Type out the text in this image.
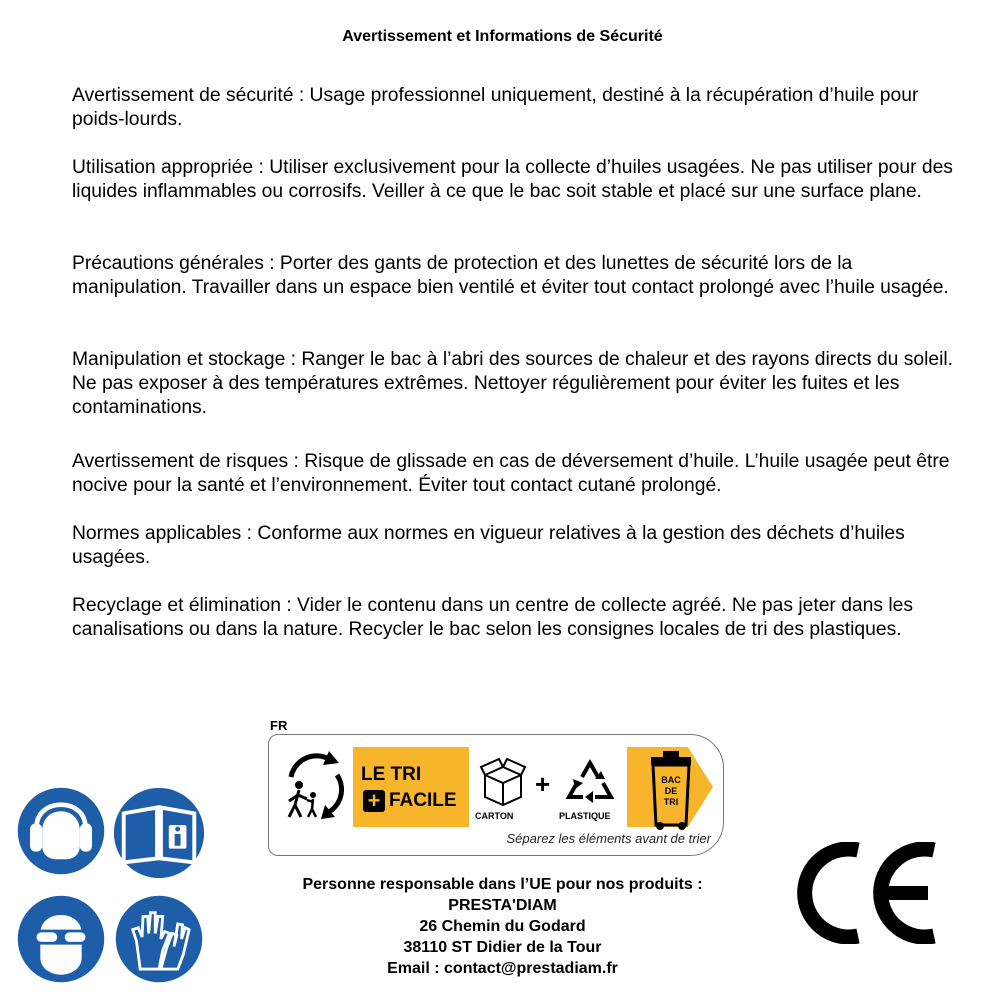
Avertissement et Informations de Sécurité

Avertissement de sécurité : Usage professionnel uniquement, destiné à la récupération d’huile pour poids-lourds.

Utilisation appropriée : Utiliser exclusivement pour la collecte d’huiles usagées. Ne pas utiliser pour des liquides inflammables ou corrosifs. Veiller à ce que le bac soit stable et placé sur une surface plane.

Précautions générales : Porter des gants de protection et des lunettes de sécurité lors de la manipulation. Travailler dans un espace bien ventilé et éviter tout contact prolongé avec l’huile usagée.

Manipulation et stockage : Ranger le bac à l’abri des sources de chaleur et des rayons directs du soleil. Ne pas exposer à des températures extrêmes. Nettoyer régulièrement pour éviter les fuites et les contaminations.

Avertissement de risques : Risque de glissade en cas de déversement d’huile. L’huile usagée peut être nocive pour la santé et l’environnement. Éviter tout contact cutané prolongé.

Normes applicables : Conforme aux normes en vigueur relatives à la gestion des déchets d’huiles usagées.

Recyclage et élimination : Vider le contenu dans un centre de collecte agréé. Ne pas jeter dans les canalisations ou dans la nature. Recycler le bac selon les consignes locales de tri des plastiques.

FR
LE TRI
+ FACILE
CARTON
+
PLASTIQUE
BAC
DE
TRI
Séparez les éléments avant de trier
Personne responsable dans l’UE pour nos produits :
PRESTA'DIAM
26 Chemin du Godard
38110 ST Didier de la Tour
Email : contact@prestadiam.fr
